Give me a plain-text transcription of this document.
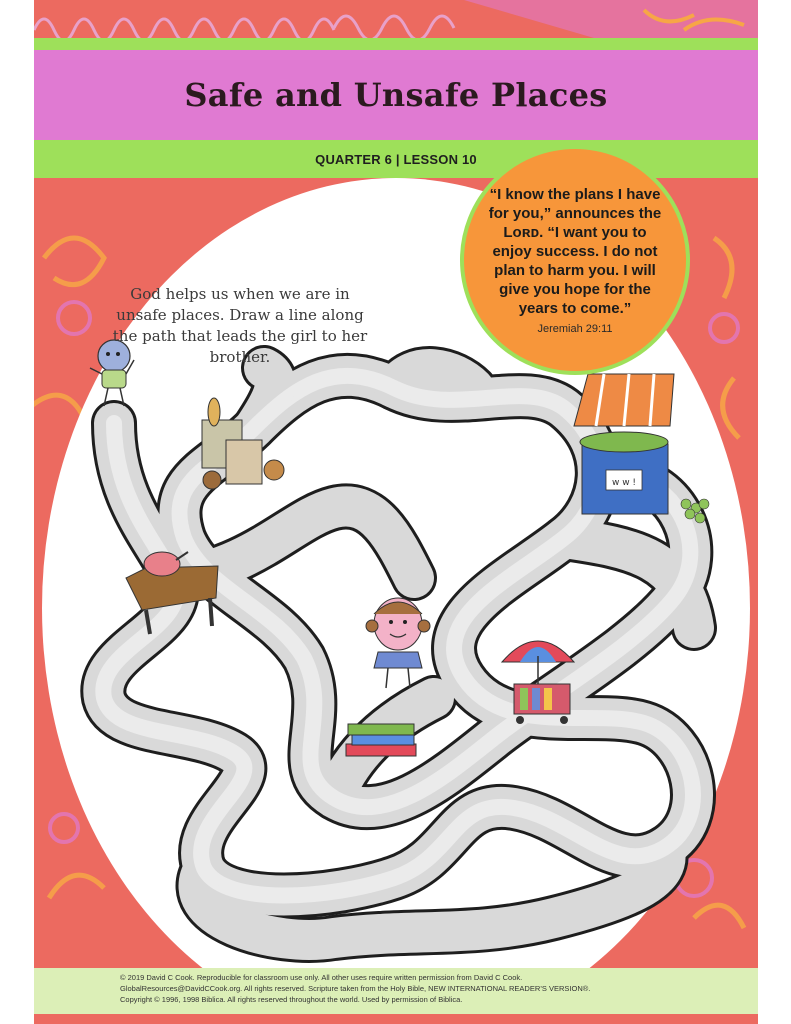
Safe and Unsafe Places
QUARTER 6 | LESSON 10
w w !

“I know the plans I have for you,” announces the Lᴏʀᴅ. “I want you to enjoy success. I do not plan to harm you. I will give you hope for the years to come.”

Jeremiah 29:11

God helps us when we are in unsafe places. Draw a line along the path that leads the girl to her brother.

© 2019 David C Cook. Reproducible for classroom use only. All other uses require written permission from David C Cook.

GlobalResources@DavidCCook.org. All rights reserved. Scripture taken from the Holy Bible, NEW INTERNATIONAL READER’S VERSION®.

Copyright © 1996, 1998 Biblica. All rights reserved throughout the world. Used by permission of Biblica.
